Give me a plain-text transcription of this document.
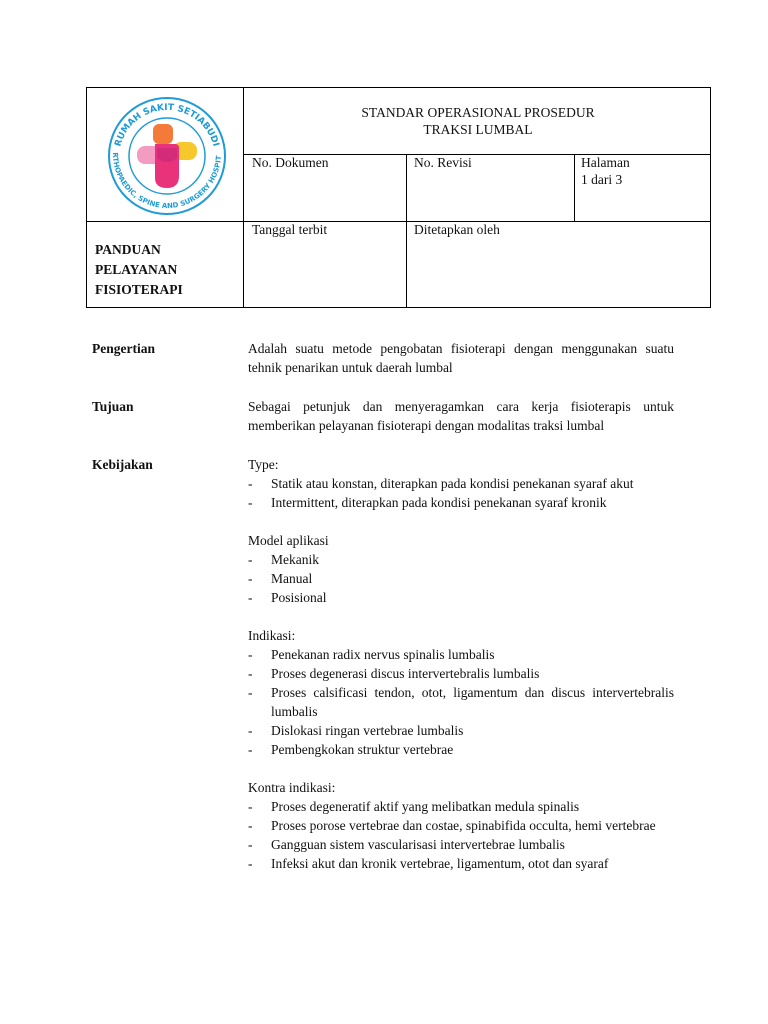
RUMAH SAKIT SETIABUDI
RTHOPAEDIC, SPINE AND SURGERY HOSPIT
STANDAR OPERASIONAL PROSEDUR
TRAKSI LUMBAL
No. Dokumen	No. Revisi	Halaman
1 dari 3
Tanggal terbit	Ditetapkan oleh
PANDUAN
PELAYANAN
FISIOTERAPI
Pengertian	Adalah suatu metode pengobatan fisioterapi dengan menggunakan suatu tehnik penarikan untuk daerah lumbal

Tujuan	Sebagai petunjuk dan menyeragamkan cara kerja fisioterapis untuk memberikan pelayanan fisioterapi dengan modalitas traksi lumbal

Kebijakan	Type:
- Statik atau konstan, diterapkan pada kondisi penekanan syaraf akut
- Intermittent, diterapkan pada kondisi penekanan syaraf kronik
Model aplikasi
- Mekanik
- Manual
- Posisional
Indikasi:
- Penekanan radix nervus spinalis lumbalis
- Proses degenerasi discus intervertebralis lumbalis
- Proses calsificasi tendon, otot, ligamentum dan discus intervertebralis lumbalis
- Dislokasi ringan vertebrae lumbalis
- Pembengkokan struktur vertebrae
Kontra indikasi:
- Proses degeneratif aktif yang melibatkan medula spinalis
- Proses porose vertebrae dan costae, spinabifida occulta, hemi vertebrae
- Gangguan sistem vascularisasi intervertebrae lumbalis
- Infeksi akut dan kronik vertebrae, ligamentum, otot dan syaraf
